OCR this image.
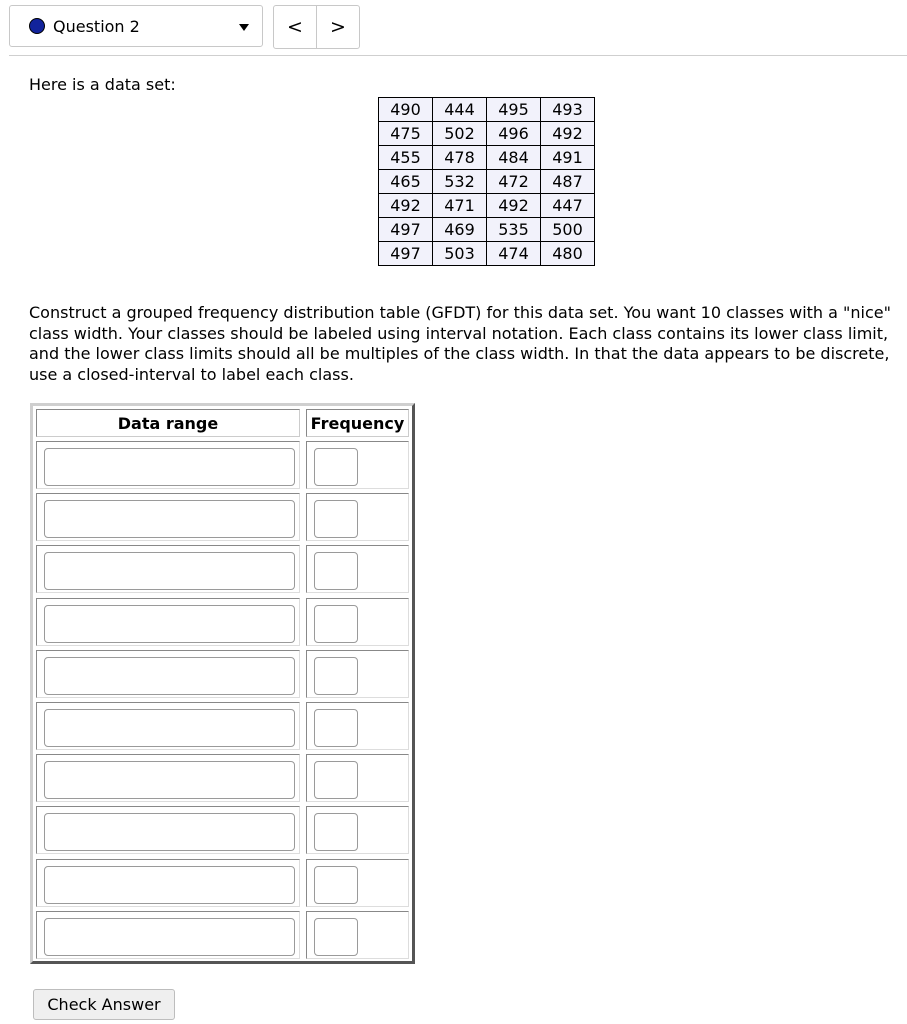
Question 2	<	>
Here is a data set:
490	444	495	493
475	502	496	492
455	478	484	491
465	532	472	487
492	471	492	447
497	469	535	500
497	503	474	480
Construct a grouped frequency distribution table (GFDT) for this data set. You want 10 classes with a "nice" class width. Your classes should be labeled using interval notation. Each class contains its lower class limit, and the lower class limits should all be multiples of the class width. In that the data appears to be discrete, use a closed-interval to label each class.
Data range	Frequency
Check Answer
